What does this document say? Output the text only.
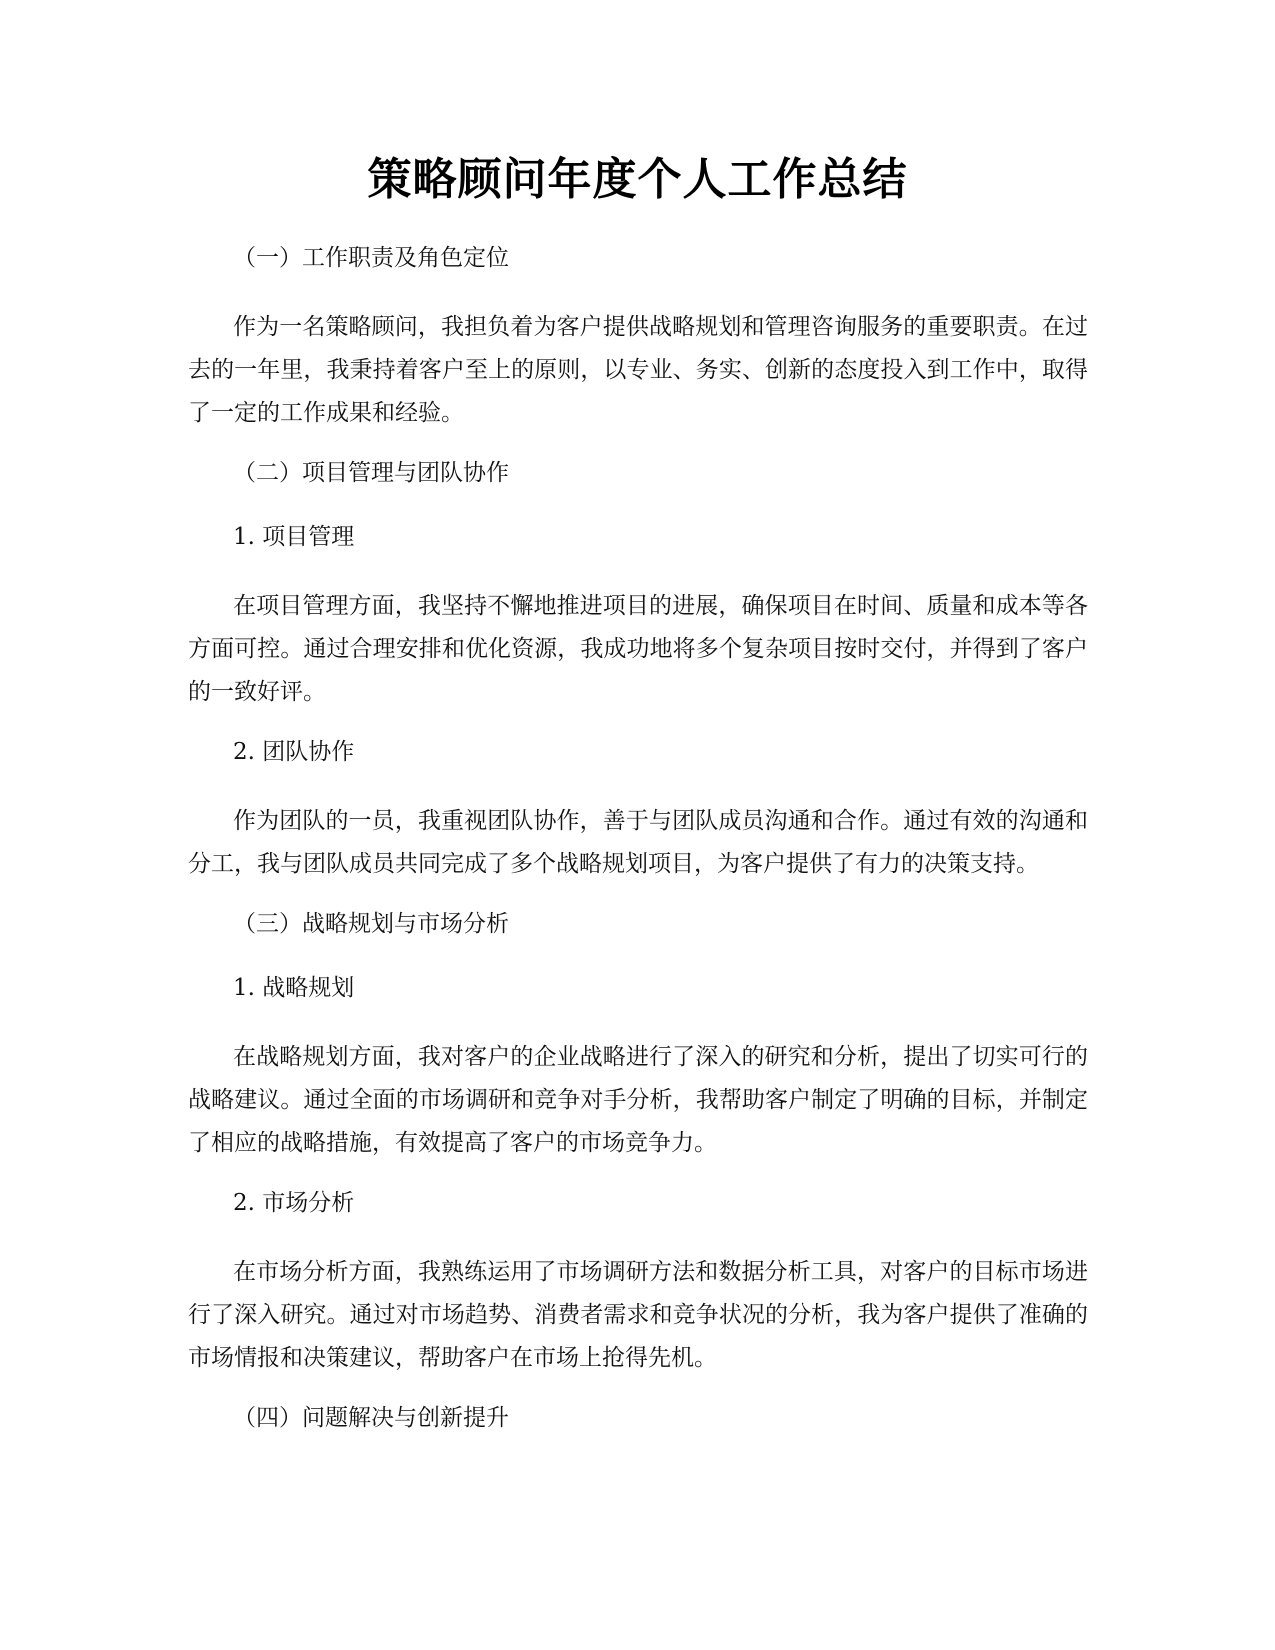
策略顾问年度个人工作总结
（一）工作职责及角色定位
作为一名策略顾问，我担负着为客户提供战略规划和管理咨询服务的重要职责。在过去的一年里，我秉持着客户至上的原则，以专业、务实、创新的态度投入到工作中，取得了一定的工作成果和经验。
（二）项目管理与团队协作
1. 项目管理
在项目管理方面，我坚持不懈地推进项目的进展，确保项目在时间、质量和成本等各方面可控。通过合理安排和优化资源，我成功地将多个复杂项目按时交付，并得到了客户的一致好评。
2. 团队协作
作为团队的一员，我重视团队协作，善于与团队成员沟通和合作。通过有效的沟通和分工，我与团队成员共同完成了多个战略规划项目，为客户提供了有力的决策支持。
（三）战略规划与市场分析
1. 战略规划
在战略规划方面，我对客户的企业战略进行了深入的研究和分析，提出了切实可行的战略建议。通过全面的市场调研和竞争对手分析，我帮助客户制定了明确的目标，并制定了相应的战略措施，有效提高了客户的市场竞争力。
2. 市场分析
在市场分析方面，我熟练运用了市场调研方法和数据分析工具，对客户的目标市场进行了深入研究。通过对市场趋势、消费者需求和竞争状况的分析，我为客户提供了准确的市场情报和决策建议，帮助客户在市场上抢得先机。
（四）问题解决与创新提升
